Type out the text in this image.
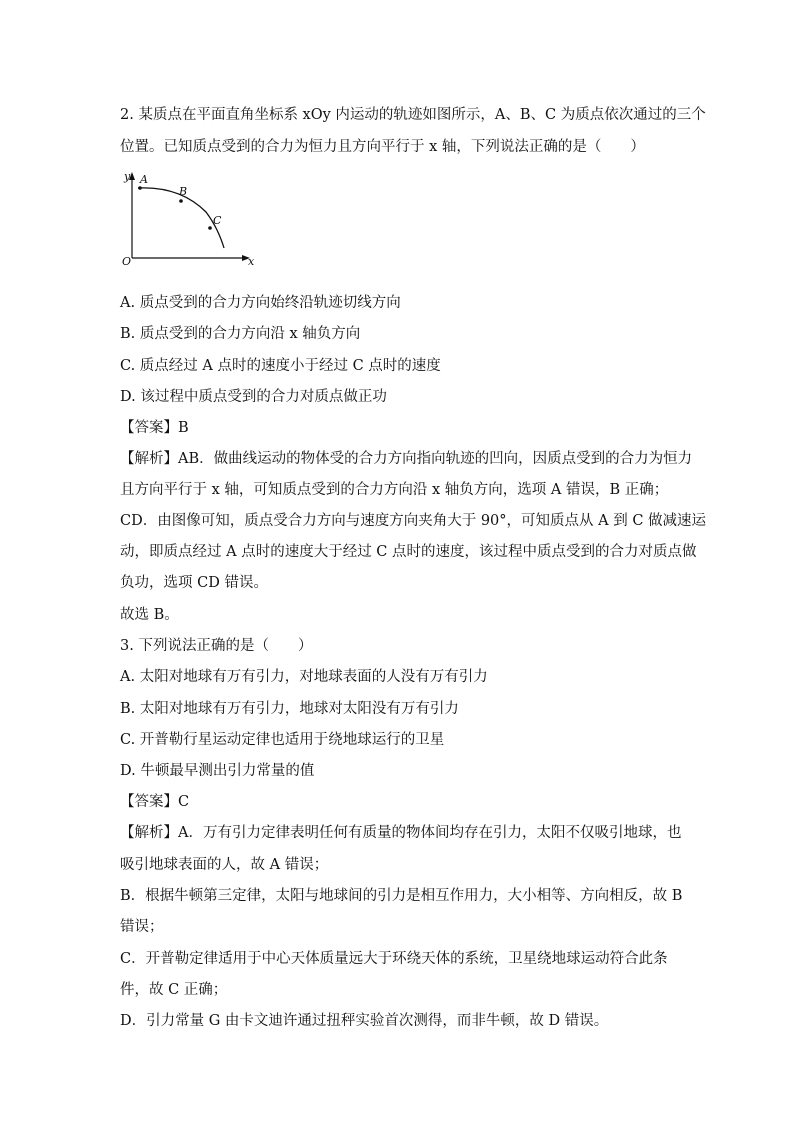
2. 某质点在平面直角坐标系 xOy 内运动的轨迹如图所示，A、B、C 为质点依次通过的三个
位置。已知质点受到的合力为恒力且方向平行于 x 轴，下列说法正确的是（　　）
y A
B
C
O	x
A. 质点受到的合力方向始终沿轨迹切线方向
B. 质点受到的合力方向沿 x 轴负方向
C. 质点经过 A 点时的速度小于经过 C 点时的速度
D. 该过程中质点受到的合力对质点做正功
【答案】B
【解析】AB．做曲线运动的物体受的合力方向指向轨迹的凹向，因质点受到的合力为恒力
且方向平行于 x 轴，可知质点受到的合力方向沿 x 轴负方向，选项 A 错误，B 正确；
CD．由图像可知，质点受合力方向与速度方向夹角大于 90°，可知质点从 A 到 C 做减速运
动，即质点经过 A 点时的速度大于经过 C 点时的速度，该过程中质点受到的合力对质点做
负功，选项 CD 错误。
故选 B。
3. 下列说法正确的是（　　）
A. 太阳对地球有万有引力，对地球表面的人没有万有引力
B. 太阳对地球有万有引力，地球对太阳没有万有引力
C. 开普勒行星运动定律也适用于绕地球运行的卫星
D. 牛顿最早测出引力常量的值
【答案】C
【解析】A．万有引力定律表明任何有质量的物体间均存在引力，太阳不仅吸引地球，也
吸引地球表面的人，故 A 错误；
B．根据牛顿第三定律，太阳与地球间的引力是相互作用力，大小相等、方向相反，故 B
错误；
C．开普勒定律适用于中心天体质量远大于环绕天体的系统，卫星绕地球运动符合此条
件，故 C 正确；
D．引力常量 G 由卡文迪许通过扭秤实验首次测得，而非牛顿，故 D 错误。
